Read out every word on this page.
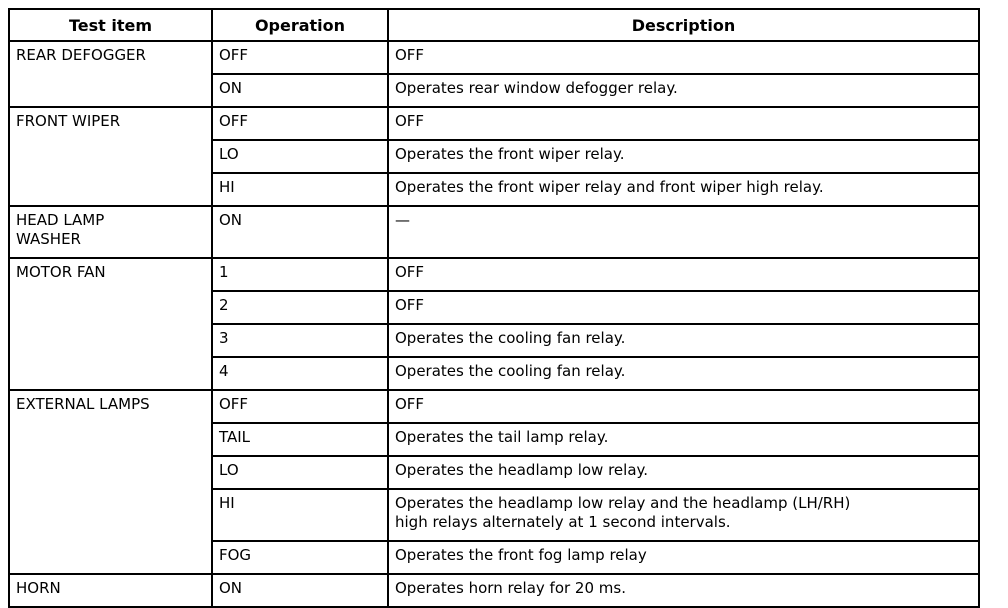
Test item	Operation	Description
REAR DEFOGGER	OFF	OFF
	ON	Operates rear window defogger relay.
FRONT WIPER	OFF	OFF
	LO	Operates the front wiper relay.
	HI	Operates the front wiper relay and front wiper high relay.
HEAD LAMP
WASHER	ON	—
MOTOR FAN	1	OFF
	2	OFF
	3	Operates the cooling fan relay.
	4	Operates the cooling fan relay.
EXTERNAL LAMPS	OFF	OFF
	TAIL	Operates the tail lamp relay.
	LO	Operates the headlamp low relay.
	HI	Operates the headlamp low relay and the headlamp (LH/RH)
high relays alternately at 1 second intervals.
	FOG	Operates the front fog lamp relay
HORN	ON	Operates horn relay for 20 ms.
